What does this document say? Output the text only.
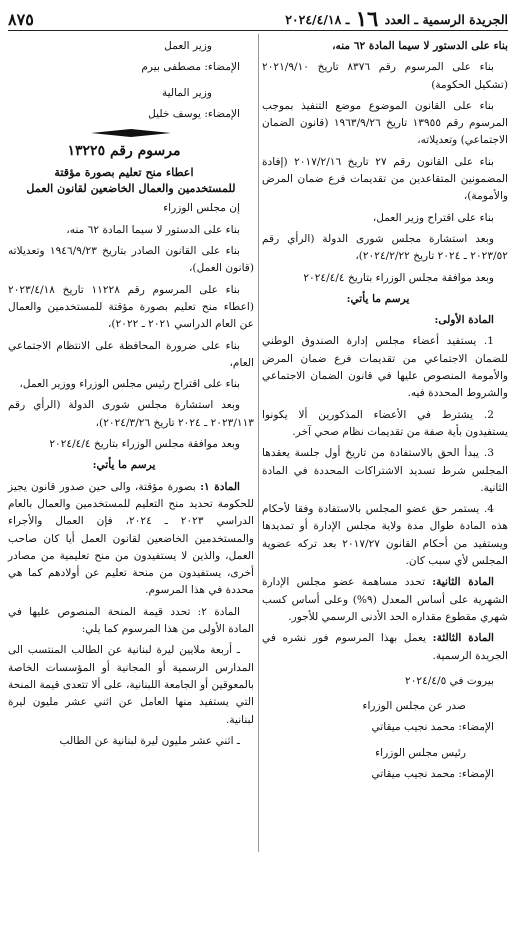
الجريدة الرسمية ـ العدد ١٦ ـ ٢٠٢٤/٤/١٨
٨٧٥

بناء على الدستور لا سيما المادة ٦٢ منه،

بناء على المرسوم رقم ٨٣٧٦ تاريخ ٢٠٢١/٩/١٠ (تشكيل الحكومة)

بناء على القانون الموضوع موضع التنفيذ بموجب المرسوم رقم ١٣٩٥٥ تاريخ ١٩٦٣/٩/٢٦ (قانون الضمان الاجتماعي) وتعديلاته،

بناء على القانون رقم ٢٧ تاريخ ٢٠١٧/٢/١٦ (إفادة المضمونين المتقاعدين من تقديمات فرع ضمان المرض والأمومة)،

بناء على اقتراح وزير العمل،

وبعد استشارة مجلس شورى الدولة (الرأي رقم ٢٠٢٣/٥٢ ـ ٢٠٢٤ تاريخ ٢٠٢٤/٢/٢٢)،

وبعد موافقة مجلس الوزراء بتاريخ ٢٠٢٤/٤/٤

يرسم ما يأتي:

المادة الأولى:

1. يستفيد أعضاء مجلس إدارة الصندوق الوطني للضمان الاجتماعي من تقديمات فرع ضمان المرض والأمومة المنصوص عليها في قانون الضمان الاجتماعي والشروط المحددة فيه.

2. يشترط في الأعضاء المذكورين ألا يكونوا يستفيدون بأية صفة من تقديمات نظام صحي آخر.

3. يبدأ الحق بالاستفادة من تاريخ أول جلسة يعقدها المجلس شرط تسديد الاشتراكات المحددة في المادة الثانية.

4. يستمر حق عضو المجلس بالاستفادة وفقا لأحكام هذه المادة طوال مدة ولاية مجلس الإدارة أو تمديدها ويستفيد من أحكام القانون ٢٠١٧/٢٧ بعد تركه عضوية المجلس لأي سبب كان.

المادة الثانية: تحدد مساهمة عضو مجلس الإدارة الشهرية على أساس المعدل (٩%) وعلى أساس كسب شهري مقطوع مقداره الحد الأدنى الرسمي للأجور.

المادة الثالثة: يعمل بهذا المرسوم فور نشره في الجريدة الرسمية.

بيروت في ٢٠٢٤/٤/٥

صدر عن مجلس الوزراء

الإمضاء: محمد نجيب ميقاتي

رئيس مجلس الوزراء

الإمضاء: محمد نجيب ميقاتي

وزير العمل

الإمضاء: مصطفى بيرم

وزير المالية

الإمضاء: يوسف خليل

مرسوم رقم ١٣٢٢٥

اعطاء منح تعليم بصورة مؤقتة
للمستخدمين والعمال الخاضعين لقانون العمل

إن مجلس الوزراء

بناء على الدستور لا سيما المادة ٦٢ منه،

بناء على القانون الصادر بتاريخ ١٩٤٦/٩/٢٣ وتعديلاته (قانون العمل)،

بناء على المرسوم رقم ١١٢٢٨ تاريخ ٢٠٢٣/٤/١٨ (اعطاء منح تعليم بصورة مؤقتة للمستخدمين والعمال عن العام الدراسي ٢٠٢١ ـ ٢٠٢٢)،

بناء على ضرورة المحافظة على الانتظام الاجتماعي العام،

بناء على اقتراح رئيس مجلس الوزراء ووزير العمل،

وبعد استشارة مجلس شورى الدولة (الرأي رقم ٢٠٢٣/١١٣ ـ ٢٠٢٤ تاريخ ٢٠٢٤/٣/٢٦)،

وبعد موافقة مجلس الوزراء بتاريخ ٢٠٢٤/٤/٤

يرسم ما يأتي:

المادة ١: بصورة مؤقتة، والى حين صدور قانون يجيز للحكومة تحديد منح التعليم للمستخدمين والعمال بالعام الدراسي ٢٠٢٣ ـ ٢٠٢٤، فإن العمال والأجراء والمستخدمين الخاضعين لقانون العمل أيا كان صاحب العمل، والذين لا يستفيدون من منح تعليمية من مصادر أخرى، يستفيدون من منحة تعليم عن أولادهم كما هي محددة في هذا المرسوم.

المادة ٢: تحدد قيمة المنحة المنصوص عليها في المادة الأولى من هذا المرسوم كما يلي:

ـ أربعة ملايين ليرة لبنانية عن الطالب المنتسب الى المدارس الرسمية أو المجانية أو المؤسسات الخاصة بالمعوقين أو الجامعة اللبنانية، على ألا تتعدى قيمة المنحة التي يستفيد منها العامل عن اثني عشر مليون ليرة لبنانية.

ـ اثني عشر مليون ليرة لبنانية عن الطالب
